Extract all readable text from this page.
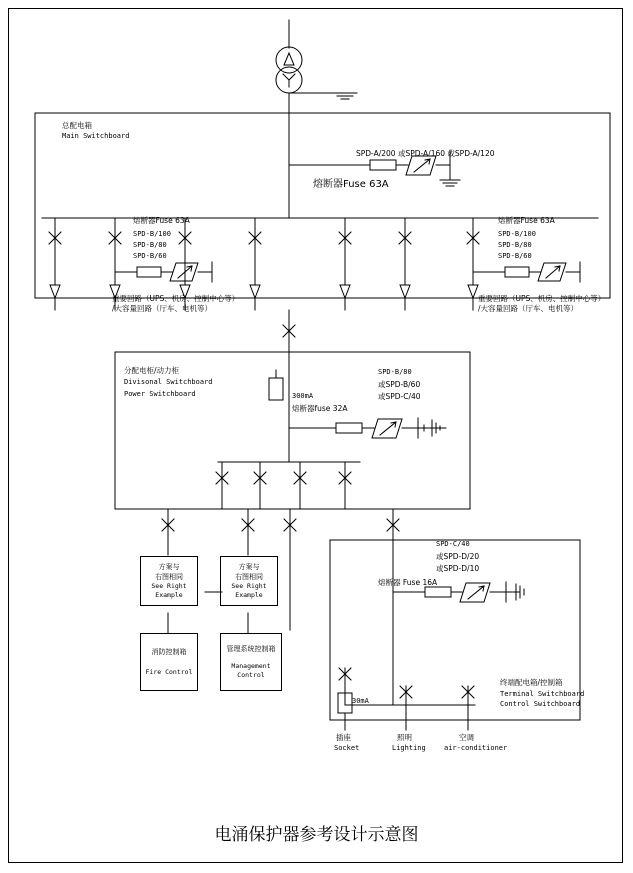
总配电箱
Main Switchboard
SPD-A/200 或SPD-A/160 或SPD-A/120
熔断器Fuse 63A
熔断器Fuse 63A
SPD-B/100
SPD-B/80
SPD-B/60
熔断器Fuse 63A
SPD-B/100
SPD-B/80
SPD-B/60
重要回路（UPS、机房、控制中心等）
/大容量回路（厅车、电机等）
重要回路（UPS、机房、控制中心等）
/大容量回路（厅车、电机等）
分配电柜/动力柜
Divisonal Switchboard
Power Switchboard	300mA
熔断器fuse 32A
SPD-B/80
或SPD-B/60
或SPD-C/40
SPD-C/40
或SPD-D/20
或SPD-D/10
熔断器 Fuse 16A
30mA
插座
Socket
照明
Lighting
空调
air-conditioner
终端配电箱/控制箱
Terminal Switchboard
Control Switchboard
方案与
右图相同
See Right
Example
方案与
右图相同
See Right
Example
消防控制箱
Fire Control
管理系统控制箱
Management
Control
电涌保护器参考设计示意图
